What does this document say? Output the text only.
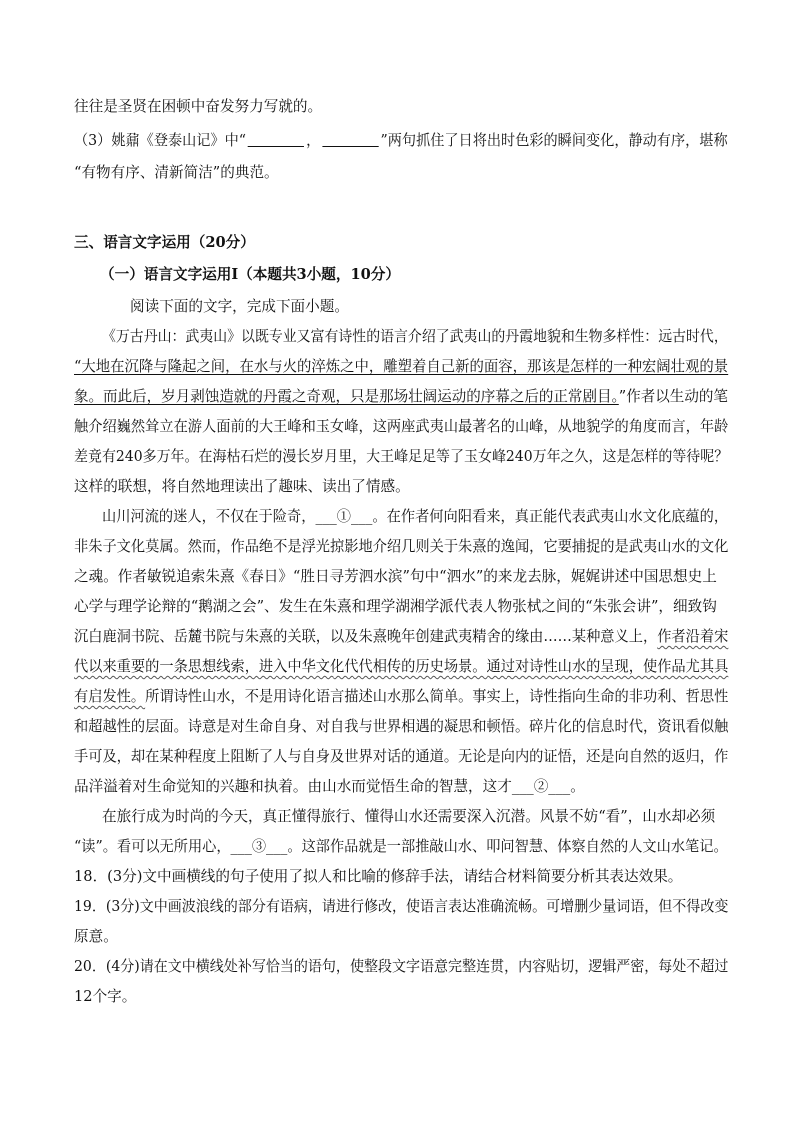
往往是圣贤在困顿中奋发努力写就的。
（3）姚鼐《登泰山记》中“	，	”两句抓住了日将出时色彩的瞬间变化，静动有序，堪称
“有物有序、清新简洁”的典范。
三、语言文字运用（20分）
（一）语言文字运用Ⅰ（本题共3小题，10分）
阅读下面的文字，完成下面小题。
《万古丹山：武夷山》以既专业又富有诗性的语言介绍了武夷山的丹霞地貌和生物多样性：远古时代，
“大地在沉降与隆起之间，在水与火的淬炼之中，雕塑着自己新的面容，那该是怎样的一种宏阔壮观的景
象。而此后，岁月剥蚀造就的丹霞之奇观，只是那场壮阔运动的序幕之后的正常剧目。”作者以生动的笔
触介绍巍然耸立在游人面前的大王峰和玉女峰，这两座武夷山最著名的山峰，从地貌学的角度而言，年龄
差竟有240多万年。在海枯石烂的漫长岁月里，大王峰足足等了玉女峰240万年之久，这是怎样的等待呢？
这样的联想，将自然地理读出了趣味、读出了情感。
山川河流的迷人，不仅在于险奇，___①___。在作者何向阳看来，真正能代表武夷山水文化底蕴的，
非朱子文化莫属。然而，作品绝不是浮光掠影地介绍几则关于朱熹的逸闻，它要捕捉的是武夷山水的文化
之魂。作者敏锐追索朱熹《春日》“胜日寻芳泗水滨”句中“泗水”的来龙去脉，娓娓讲述中国思想史上
心学与理学论辩的“鹅湖之会”、发生在朱熹和理学湖湘学派代表人物张栻之间的“朱张会讲”，细致钩
沉白鹿洞书院、岳麓书院与朱熹的关联，以及朱熹晚年创建武夷精舍的缘由……某种意义上，作者沿着宋
代以来重要的一条思想线索，进入中华文化代代相传的历史场景。通过对诗性山水的呈现，使作品尤其具
有启发性。所谓诗性山水，不是用诗化语言描述山水那么简单。事实上，诗性指向生命的非功利、哲思性
和超越性的层面。诗意是对生命自身、对自我与世界相遇的凝思和顿悟。碎片化的信息时代，资讯看似触
手可及，却在某种程度上阻断了人与自身及世界对话的通道。无论是向内的证悟，还是向自然的返归，作
品洋溢着对生命觉知的兴趣和执着。由山水而觉悟生命的智慧，这才___②___。
在旅行成为时尚的今天，真正懂得旅行、懂得山水还需要深入沉潜。风景不妨“看”，山水却必须
“读”。看可以无所用心，___③___。这部作品就是一部推敲山水、叩问智慧、体察自然的人文山水笔记。
18．(3分)文中画横线的句子使用了拟人和比喻的修辞手法，请结合材料简要分析其表达效果。
19．(3分)文中画波浪线的部分有语病，请进行修改，使语言表达准确流畅。可增删少量词语，但不得改变
原意。
20．(4分)请在文中横线处补写恰当的语句，使整段文字语意完整连贯，内容贴切，逻辑严密，每处不超过
12个字。
